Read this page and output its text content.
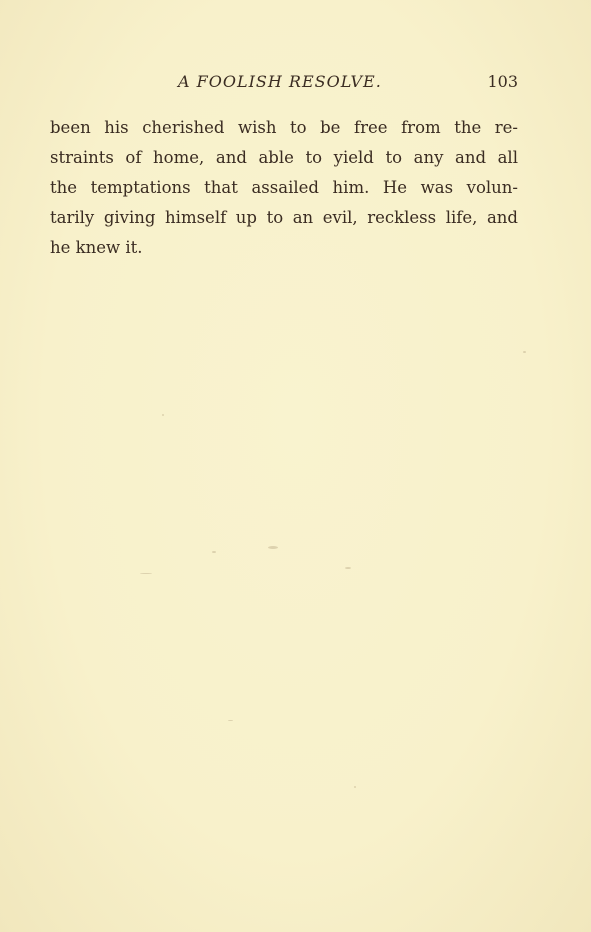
A FOOLISH RESOLVE.	103
been his cherished wish to be free from the re-
straints of home, and able to yield to any and all
the temptations that assailed him. He was volun-
tarily giving himself up to an evil, reckless life, and
he knew it.
